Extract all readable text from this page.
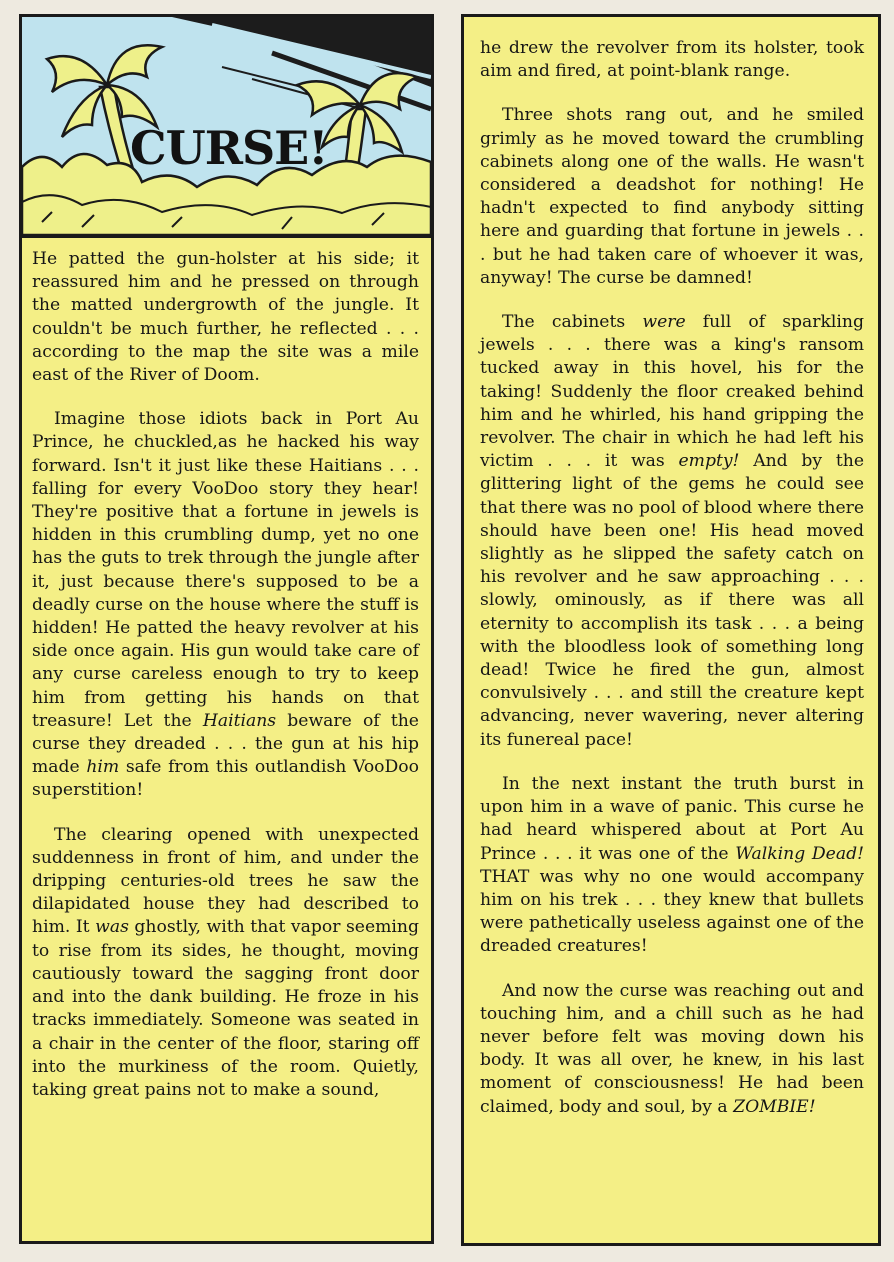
CURSE!

He patted the gun-holster at his side; it reassured him and he pressed on through the matted undergrowth of the jungle. It couldn't be much further, he reflected . . . according to the map the site was a mile east of the River of Doom.

Imagine those idiots back in Port Au Prince, he chuckled,as he hacked his way forward. Isn't it just like these Haitians . . . falling for every VooDoo story they hear! They're positive that a fortune in jewels is hidden in this crumbling dump, yet no one has the guts to trek through the jungle after it, just because there's supposed to be a deadly curse on the house where the stuff is hidden! He patted the heavy revolver at his side once again. His gun would take care of any curse careless enough to try to keep him from getting his hands on that treasure! Let the Haitians beware of the curse they dreaded . . . the gun at his hip made him safe from this outlandish VooDoo superstition!

The clearing opened with unexpected suddenness in front of him, and under the dripping centuries-old trees he saw the dilapidated house they had described to him. It was ghostly, with that vapor seeming to rise from its sides, he thought, moving cautiously toward the sagging front door and into the dank building. He froze in his tracks immediately. Someone was seated in a chair in the center of the floor, staring off into the murkiness of the room. Quietly, taking great pains not to make a sound,

he drew the revolver from its holster, took aim and fired, at point-blank range.

Three shots rang out, and he smiled grimly as he moved toward the crumbling cabinets along one of the walls. He wasn't considered a deadshot for nothing! He hadn't expected to find anybody sitting here and guarding that fortune in jewels . . . but he had taken care of whoever it was, anyway! The curse be damned!

The cabinets were full of sparkling jewels . . . there was a king's ransom tucked away in this hovel, his for the taking! Suddenly the floor creaked behind him and he whirled, his hand gripping the revolver. The chair in which he had left his victim . . . it was empty! And by the glittering light of the gems he could see that there was no pool of blood where there should have been one! His head moved slightly as he slipped the safety catch on his revolver and he saw approaching . . . slowly, ominously, as if there was all eternity to accomplish its task . . . a being with the bloodless look of something long dead! Twice he fired the gun, almost convulsively . . . and still the creature kept advancing, never wavering, never altering its funereal pace!

In the next instant the truth burst in upon him in a wave of panic. This curse he had heard whispered about at Port Au Prince . . . it was one of the Walking Dead! THAT was why no one would accompany him on his trek . . . they knew that bullets were pathetically useless against one of the dreaded creatures!

And now the curse was reaching out and touching him, and a chill such as he had never before felt was moving down his body. It was all over, he knew, in his last moment of consciousness! He had been claimed, body and soul, by a ZOMBIE!
